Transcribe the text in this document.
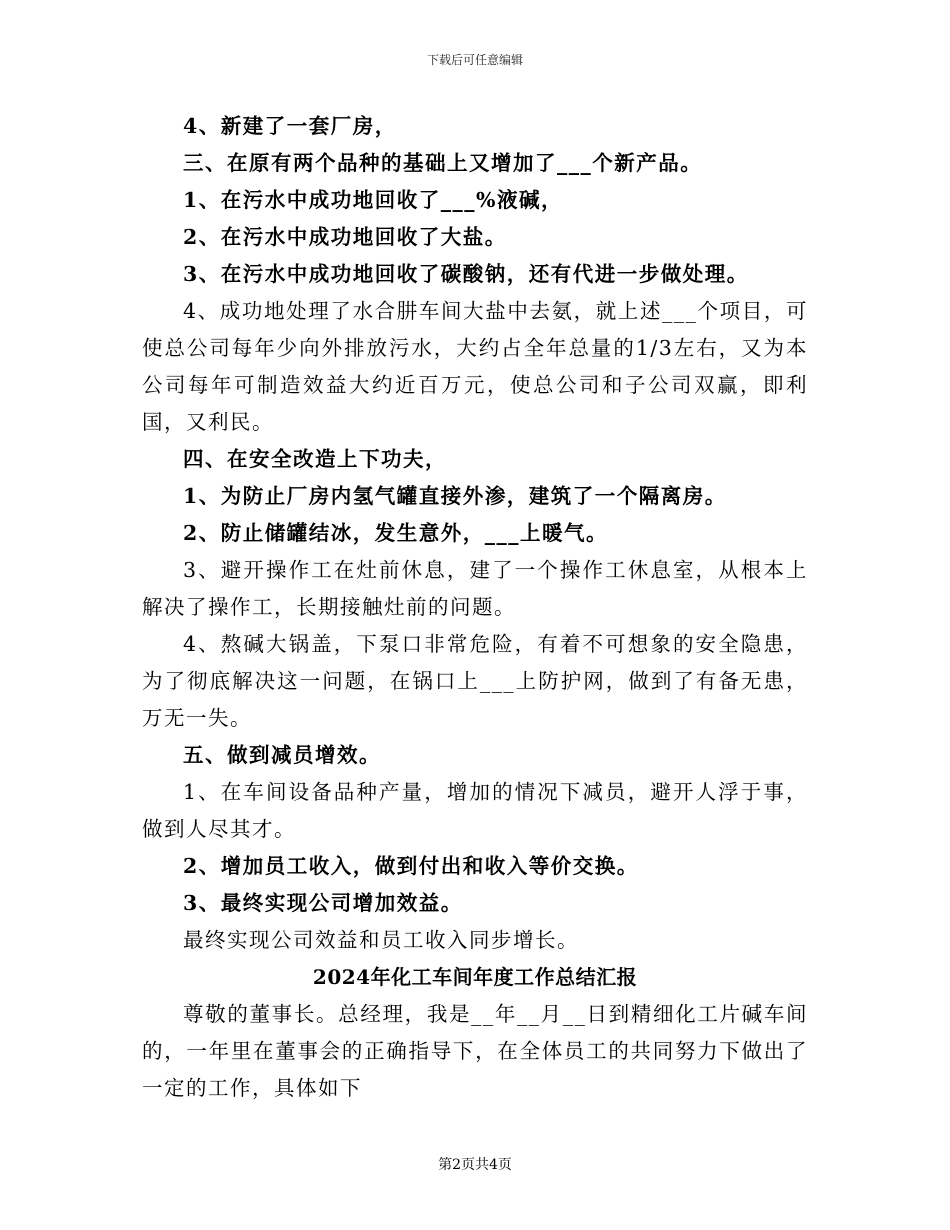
下载后可任意编辑

4、新建了一套厂房，

三、在原有两个品种的基础上又增加了___个新产品。

1、在污水中成功地回收了___%液碱，

2、在污水中成功地回收了大盐。

3、在污水中成功地回收了碳酸钠，还有代进一步做处理。

4、成功地处理了水合肼车间大盐中去氨，就上述___个项目，可使总公司每年少向外排放污水，大约占全年总量的1/3左右，又为本公司每年可制造效益大约近百万元，使总公司和子公司双赢，即利国，又利民。

四、在安全改造上下功夫，

1、为防止厂房内氢气罐直接外渗，建筑了一个隔离房。

2、防止储罐结冰，发生意外，___上暖气。

3、避开操作工在灶前休息，建了一个操作工休息室，从根本上解决了操作工，长期接触灶前的问题。

4、熬碱大锅盖，下泵口非常危险，有着不可想象的安全隐患，为了彻底解决这一问题，在锅口上___上防护网，做到了有备无患，万无一失。

五、做到减员增效。

1、在车间设备品种产量，增加的情况下减员，避开人浮于事，做到人尽其才。

2、增加员工收入，做到付出和收入等价交换。

3、最终实现公司增加效益。

最终实现公司效益和员工收入同步增长。

2024年化工车间年度工作总结汇报

尊敬的董事长。总经理，我是__年__月__日到精细化工片碱车间的，一年里在董事会的正确指导下，在全体员工的共同努力下做出了一定的工作，具体如下

第2页共4页
